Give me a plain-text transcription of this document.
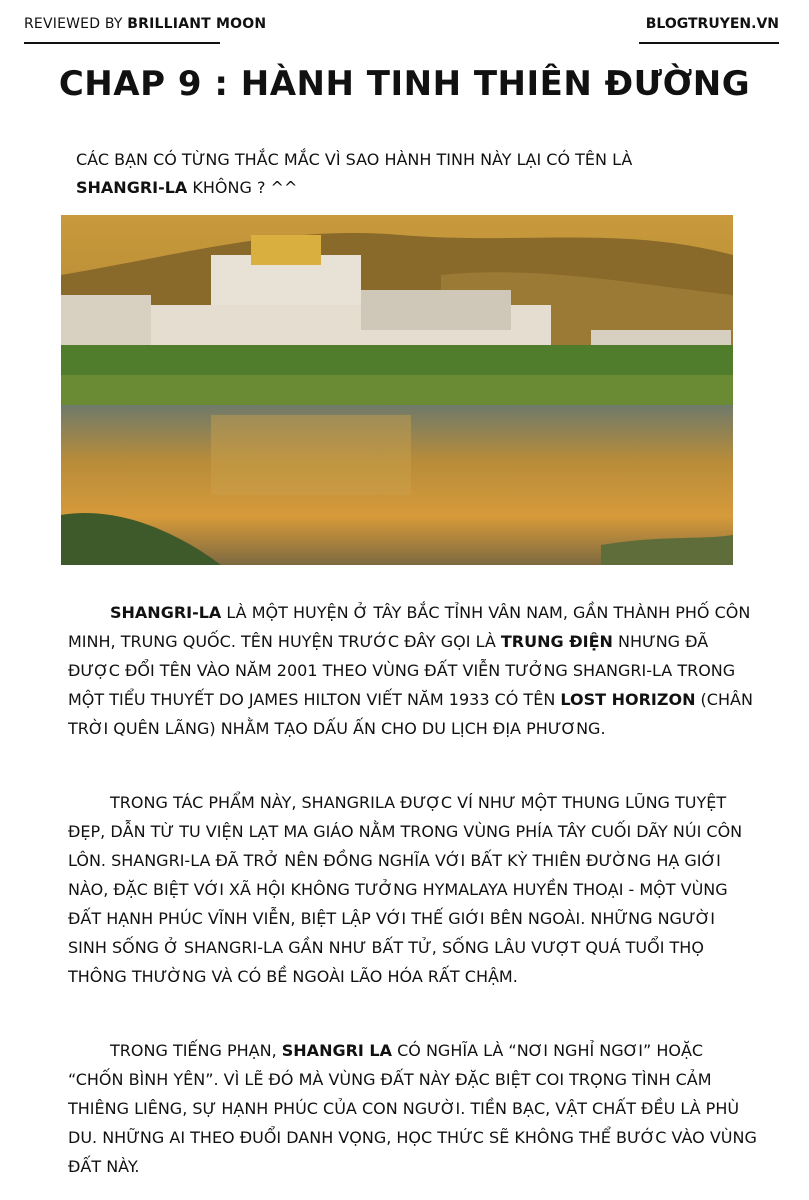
REVIEWED BY BRILLIANT MOON	BLOGTRUYEN.VN
CHAP 9 : HÀNH TINH THIÊN ĐƯỜNG
CÁC BẠN CÓ TỪNG THẮC MẮC VÌ SAO HÀNH TINH NÀY LẠI CÓ TÊN LÀ
SHANGRI-LA KHÔNG ? ^^
SHANGRI-LA LÀ MỘT HUYỆN Ở TÂY BẮC TỈNH VÂN NAM, GẦN THÀNH PHỐ CÔN MINH, TRUNG QUỐC. TÊN HUYỆN TRƯỚC ĐÂY GỌI LÀ TRUNG ĐIỆN NHƯNG ĐÃ ĐƯỢC ĐỔI TÊN VÀO NĂM 2001 THEO VÙNG ĐẤT VIỄN TƯỞNG SHANGRI-LA TRONG MỘT TIỂU THUYẾT DO JAMES HILTON VIẾT NĂM 1933 CÓ TÊN LOST HORIZON (CHÂN TRỜI QUÊN LÃNG) NHẰM TẠO DẤU ẤN CHO DU LỊCH ĐỊA PHƯƠNG.
TRONG TÁC PHẨM NÀY, SHANGRILA ĐƯỢC VÍ NHƯ MỘT THUNG LŨNG TUYỆT ĐẸP, DẪN TỪ TU VIỆN LẠT MA GIÁO NẰM TRONG VÙNG PHÍA TÂY CUỐI DÃY NÚI CÔN LÔN. SHANGRI-LA ĐÃ TRỞ NÊN ĐỒNG NGHĨA VỚI BẤT KỲ THIÊN ĐƯỜNG HẠ GIỚI NÀO, ĐẶC BIỆT VỚI XÃ HỘI KHÔNG TƯỞNG HYMALAYA HUYỀN THOẠI - MỘT VÙNG ĐẤT HẠNH PHÚC VĨNH VIỄN, BIỆT LẬP VỚI THẾ GIỚI BÊN NGOÀI. NHỮNG NGƯỜI SINH SỐNG Ở SHANGRI-LA GẦN NHƯ BẤT TỬ, SỐNG LÂU VƯỢT QUÁ TUỔI THỌ THÔNG THƯỜNG VÀ CÓ BỀ NGOÀI LÃO HÓA RẤT CHẬM.
TRONG TIẾNG PHẠN, SHANGRI LA CÓ NGHĨA LÀ “NƠI NGHỈ NGƠI” HOẶC “CHỐN BÌNH YÊN”. VÌ LẼ ĐÓ MÀ VÙNG ĐẤT NÀY ĐẶC BIỆT COI TRỌNG TÌNH CẢM THIÊNG LIÊNG, SỰ HẠNH PHÚC CỦA CON NGƯỜI. TIỀN BẠC, VẬT CHẤT ĐỀU LÀ PHÙ DU. NHỮNG AI THEO ĐUỔI DANH VỌNG, HỌC THỨC SẼ KHÔNG THỂ BƯỚC VÀO VÙNG ĐẤT NÀY.
